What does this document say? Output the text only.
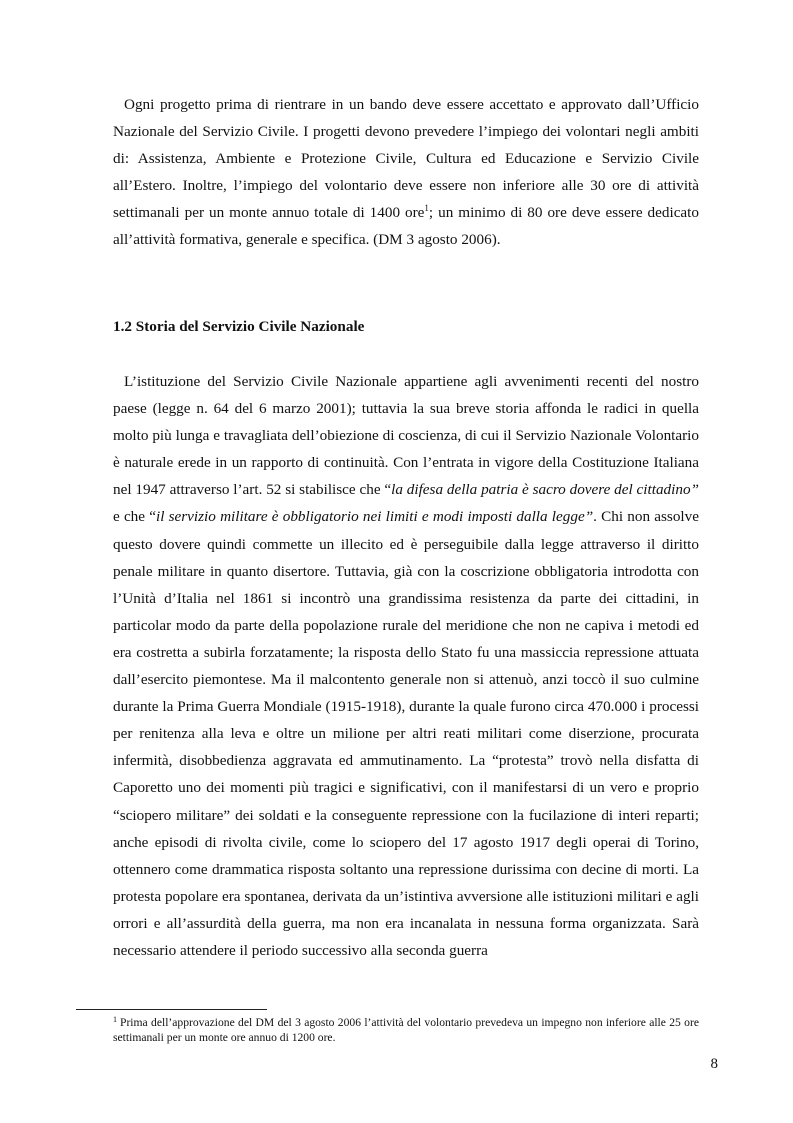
Ogni progetto prima di rientrare in un bando deve essere accettato e approvato dall’Ufficio Nazionale del Servizio Civile. I progetti devono prevedere l’impiego dei volontari negli ambiti di: Assistenza, Ambiente e Protezione Civile, Cultura ed Educazione e Servizio Civile all’Estero. Inoltre, l’impiego del volontario deve essere non inferiore alle 30 ore di attività settimanali per un monte annuo totale di 1400 ore$^1$; un minimo di 80 ore deve essere dedicato all’attività formativa, generale e specifica. (DM 3 agosto 2006).

1.2 Storia del Servizio Civile Nazionale

L’istituzione del Servizio Civile Nazionale appartiene agli avvenimenti recenti del nostro paese (legge n. 64 del 6 marzo 2001); tuttavia la sua breve storia affonda le radici in quella molto più lunga e travagliata dell’obiezione di coscienza, di cui il Servizio Nazionale Volontario è naturale erede in un rapporto di continuità. Con l’entrata in vigore della Costituzione Italiana nel 1947 attraverso l’art. 52 si stabilisce che “la difesa della patria è sacro dovere del cittadino” e che “il servizio militare è obbligatorio nei limiti e modi imposti dalla legge”. Chi non assolve questo dovere quindi commette un illecito ed è perseguibile dalla legge attraverso il diritto penale militare in quanto disertore. Tuttavia, già con la coscrizione obbligatoria introdotta con l’Unità d’Italia nel 1861 si incontrò una grandissima resistenza da parte dei cittadini, in particolar modo da parte della popolazione rurale del meridione che non ne capiva i metodi ed era costretta a subirla forzatamente; la risposta dello Stato fu una massiccia repressione attuata dall’esercito piemontese. Ma il malcontento generale non si attenuò, anzi toccò il suo culmine durante la Prima Guerra Mondiale (1915-1918), durante la quale furono circa 470.000 i processi per renitenza alla leva e oltre un milione per altri reati militari come diserzione, procurata infermità, disobbedienza aggravata ed ammutinamento. La “protesta” trovò nella disfatta di Caporetto uno dei momenti più tragici e significativi, con il manifestarsi di un vero e proprio “sciopero militare” dei soldati e la conseguente repressione con la fucilazione di interi reparti; anche episodi di rivolta civile, come lo sciopero del 17 agosto 1917 degli operai di Torino, ottennero come drammatica risposta soltanto una repressione durissima con decine di morti. La protesta popolare era spontanea, derivata da un’istintiva avversione alle istituzioni militari e agli orrori e all’assurdità della guerra, ma non era incanalata in nessuna forma organizzata. Sarà necessario attendere il periodo successivo alla seconda guerra

$^1$ Prima dell’approvazione del DM del 3 agosto 2006 l’attività del volontario prevedeva un impegno non inferiore alle 25 ore settimanali per un monte ore annuo di 1200 ore.

8
